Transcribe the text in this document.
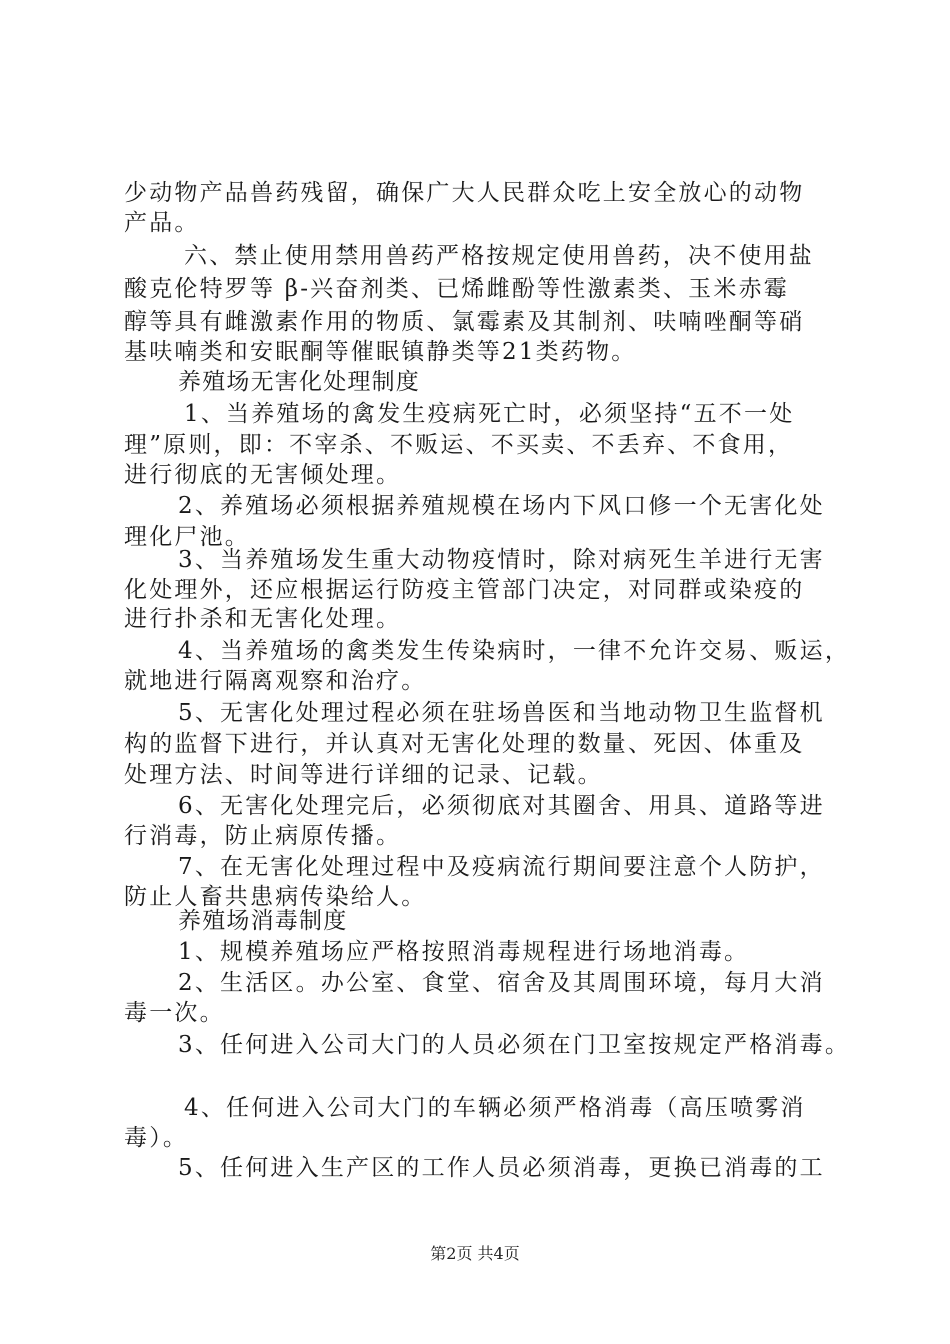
少动物产品兽药残留，确保广大人民群众吃上安全放心的动物
产品。
六、禁止使用禁用兽药严格按规定使用兽药，决不使用盐
酸克伦特罗等 β-兴奋剂类、已烯雌酚等性激素类、玉米赤霉
醇等具有雌激素作用的物质、氯霉素及其制剂、呋喃唑酮等硝
基呋喃类和安眠酮等催眠镇静类等21类药物。
养殖场无害化处理制度
1、当养殖场的禽发生疫病死亡时，必须坚持“五不一处
理”原则，即：不宰杀、不贩运、不买卖、不丢弃、不食用，
进行彻底的无害倾处理。
2、养殖场必须根据养殖规模在场内下风口修一个无害化处
理化尸池。
3、当养殖场发生重大动物疫情时，除对病死生羊进行无害
化处理外，还应根据运行防疫主管部门决定，对同群或染疫的
进行扑杀和无害化处理。
4、当养殖场的禽类发生传染病时，一律不允许交易、贩运，
就地进行隔离观察和治疗。
5、无害化处理过程必须在驻场兽医和当地动物卫生监督机
构的监督下进行，并认真对无害化处理的数量、死因、体重及
处理方法、时间等进行详细的记录、记载。
6、无害化处理完后，必须彻底对其圈舍、用具、道路等进
行消毒，防止病原传播。
7、在无害化处理过程中及疫病流行期间要注意个人防护，
防止人畜共患病传染给人。
养殖场消毒制度
1、规模养殖场应严格按照消毒规程进行场地消毒。
2、生活区。办公室、食堂、宿舍及其周围环境，每月大消
毒一次。
3、任何进入公司大门的人员必须在门卫室按规定严格消毒。
4、任何进入公司大门的车辆必须严格消毒（高压喷雾消
毒）。
5、任何进入生产区的工作人员必须消毒，更换已消毒的工
第2页 共4页
